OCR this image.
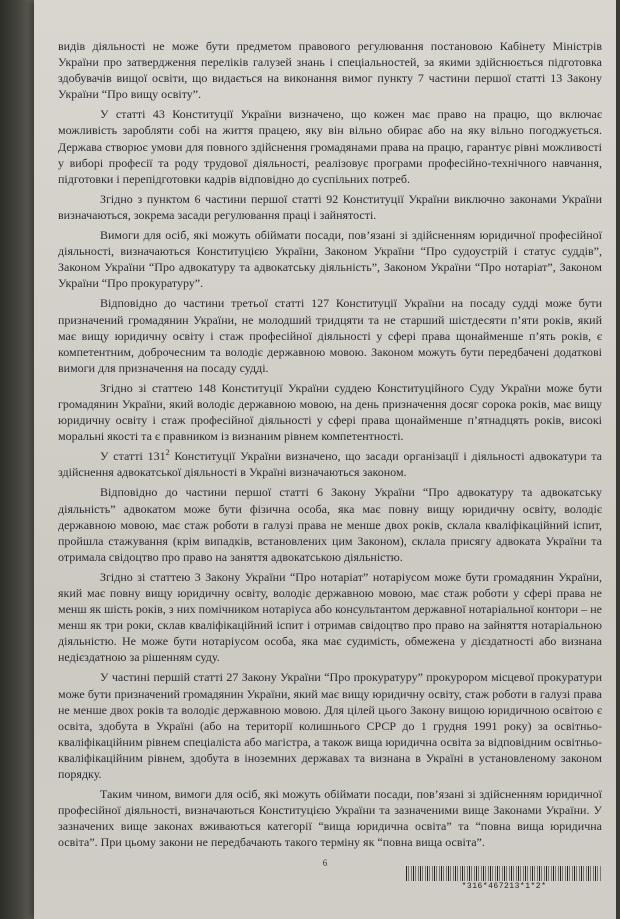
видів діяльності не може бути предметом правового регулювання постановою Кабінету Міністрів України про затвердження переліків галузей знань і спеціальностей, за якими здійснюється підготовка здобувачів вищої освіти, що видається на виконання вимог пункту 7 частини першої статті 13 Закону України “Про вищу освіту”.

У статті 43 Конституції України визначено, що кожен має право на працю, що включає можливість заробляти собі на життя працею, яку він вільно обирає або на яку вільно погоджується. Держава створює умови для повного здійснення громадянами права на працю, гарантує рівні можливості у виборі професії та роду трудової діяльності, реалізовує програми професійно-технічного навчання, підготовки і перепідготовки кадрів відповідно до суспільних потреб.

Згідно з пунктом 6 частини першої статті 92 Конституції України виключно законами України визначаються, зокрема засади регулювання праці і зайнятості.

Вимоги для осіб, які можуть обіймати посади, пов’язані зі здійсненням юридичної професійної діяльності, визначаються Конституцією України, Законом України “Про судоустрій і статус суддів”, Законом України “Про адвокатуру та адвокатську діяльність”, Законом України “Про нотаріат”, Законом України “Про прокуратуру”.

Відповідно до частини третьої статті 127 Конституції України на посаду судді може бути призначений громадянин України, не молодший тридцяти та не старший шістдесяти п’яти років, який має вищу юридичну освіту і стаж професійної діяльності у сфері права щонайменше п’ять років, є компетентним, доброчесним та володіє державною мовою. Законом можуть бути передбачені додаткові вимоги для призначення на посаду судді.

Згідно зі статтею 148 Конституції України суддею Конституційного Суду України може бути громадянин України, який володіє державною мовою, на день призначення досяг сорока років, має вищу юридичну освіту і стаж професійної діяльності у сфері права щонайменше п’ятнадцять років, високі моральні якості та є правником із визнаним рівнем компетентності.

У статті $131^2$ Конституції України визначено, що засади організації і діяльності адвокатури та здійснення адвокатської діяльності в Україні визначаються законом.

Відповідно до частини першої статті 6 Закону України “Про адвокатуру та адвокатську діяльність” адвокатом може бути фізична особа, яка має повну вищу юридичну освіту, володіє державною мовою, має стаж роботи в галузі права не менше двох років, склала кваліфікаційний іспит, пройшла стажування (крім випадків, встановлених цим Законом), склала присягу адвоката України та отримала свідоцтво про право на заняття адвокатською діяльністю.

Згідно зі статтею 3 Закону України “Про нотаріат” нотаріусом може бути громадянин України, який має повну вищу юридичну освіту, володіє державною мовою, має стаж роботи у сфері права не менш як шість років, з них помічником нотаріуса або консультантом державної нотаріальної контори – не менш як три роки, склав кваліфікаційний іспит і отримав свідоцтво про право на зайняття нотаріальною діяльністю. Не може бути нотаріусом особа, яка має судимість, обмежена у дієздатності або визнана недієздатною за рішенням суду.

У частині першій статті 27 Закону України “Про прокуратуру” прокурором місцевої прокуратури може бути призначений громадянин України, який має вищу юридичну освіту, стаж роботи в галузі права не менше двох років та володіє державною мовою. Для цілей цього Закону вищою юридичною освітою є освіта, здобута в Україні (або на території колишнього СРСР до 1 грудня 1991 року) за освітньо-кваліфікаційним рівнем спеціаліста або магістра, а також вища юридична освіта за відповідним освітньо-кваліфікаційним рівнем, здобута в іноземних державах та визнана в Україні в установленому законом порядку.

Таким чином, вимоги для осіб, які можуть обіймати посади, пов’язані зі здійсненням юридичної професійної діяльності, визначаються Конституцією України та зазначеними вище Законами України. У зазначених вище законах вживаються категорії “вища юридична освіта” та “повна вища юридична освіта”. При цьому закони не передбачають такого терміну як “повна вища освіта”.

6
*316*467213*1*2*
